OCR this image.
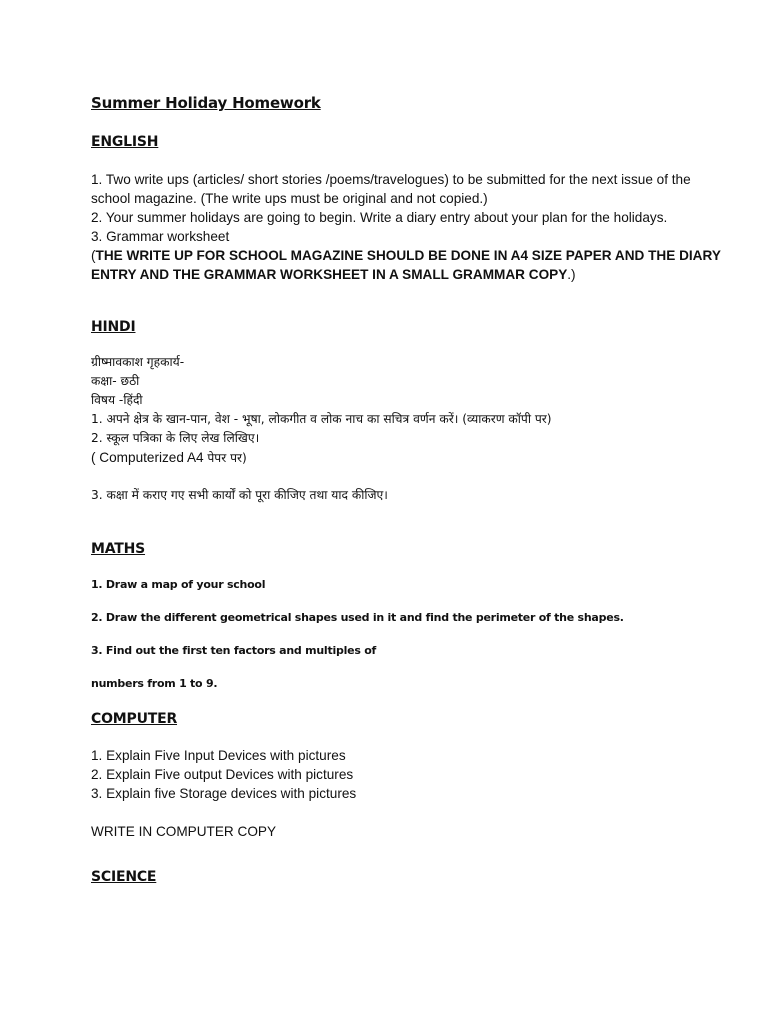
Summer Holiday Homework
ENGLISH

1. Two write ups (articles/ short stories /poems/travelogues) to be submitted for the next issue of the school magazine. (The write ups must be original and not copied.)

2. Your summer holidays are going to begin. Write a diary entry about your plan for the holidays.

3. Grammar worksheet

(THE WRITE UP FOR SCHOOL MAGAZINE SHOULD BE DONE IN A4 SIZE PAPER AND THE DIARY ENTRY AND THE GRAMMAR WORKSHEET IN A SMALL GRAMMAR COPY.)

HINDI

ग्रीष्मावकाश गृहकार्य-

कक्षा- छठी

विषय -हिंदी

1. अपने क्षेत्र के खान-पान, वेश - भूषा, लोकगीत व लोक नाच का सचित्र वर्णन करें। (व्याकरण कॉपी पर)

2. स्कूल पत्रिका के लिए लेख लिखिए।

( Computerized A4 पेपर पर)

3. कक्षा में कराए गए सभी कार्यों को पूरा कीजिए तथा याद कीजिए।

MATHS
1. Draw a map of your school
2. Draw the different geometrical shapes used in it and find the perimeter of the shapes.
3. Find out the first ten factors and multiples of
numbers from 1 to 9.
COMPUTER

1. Explain Five Input Devices with pictures

2. Explain Five output Devices with pictures

3. Explain five Storage devices with pictures

WRITE IN COMPUTER COPY
SCIENCE
